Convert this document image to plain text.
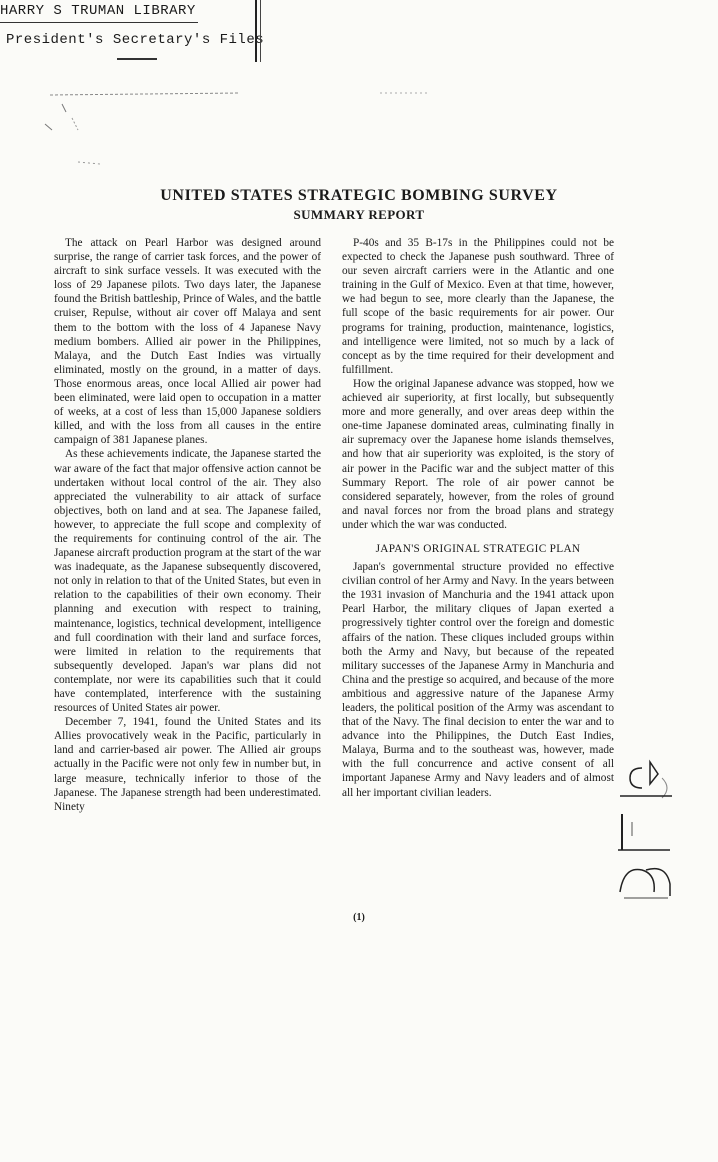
HARRY S TRUMAN LIBRARY
President's Secretary's Files
UNITED STATES STRATEGIC BOMBING SURVEY
SUMMARY REPORT

The attack on Pearl Harbor was designed around surprise, the range of carrier task forces, and the power of aircraft to sink surface vessels. It was executed with the loss of 29 Japanese pilots. Two days later, the Japanese found the British battleship, Prince of Wales, and the battle cruiser, Repulse, without air cover off Malaya and sent them to the bottom with the loss of 4 Japanese Navy medium bombers. Allied air power in the Philippines, Malaya, and the Dutch East Indies was virtually eliminated, mostly on the ground, in a matter of days. Those enormous areas, once local Allied air power had been eliminated, were laid open to occupation in a matter of weeks, at a cost of less than 15,000 Japanese soldiers killed, and with the loss from all causes in the entire campaign of 381 Japanese planes.

As these achievements indicate, the Japanese started the war aware of the fact that major offensive action cannot be undertaken without local control of the air. They also appreciated the vulnerability to air attack of surface objectives, both on land and at sea. The Japanese failed, however, to appreciate the full scope and complexity of the requirements for continuing control of the air. The Japanese aircraft production program at the start of the war was inadequate, as the Japanese subsequently discovered, not only in relation to that of the United States, but even in relation to the capabilities of their own economy. Their planning and execution with respect to training, maintenance, logistics, technical development, intelligence and full coordination with their land and surface forces, were limited in relation to the requirements that subsequently developed. Japan's war plans did not contemplate, nor were its capabilities such that it could have contemplated, interference with the sustaining resources of United States air power.

December 7, 1941, found the United States and its Allies provocatively weak in the Pacific, particularly in land and carrier-based air power. The Allied air groups actually in the Pacific were not only few in number but, in large measure, technically inferior to those of the Japanese. The Japanese strength had been underestimated. Ninety

P-40s and 35 B-17s in the Philippines could not be expected to check the Japanese push southward. Three of our seven aircraft carriers were in the Atlantic and one training in the Gulf of Mexico. Even at that time, however, we had begun to see, more clearly than the Japanese, the full scope of the basic requirements for air power. Our programs for training, production, maintenance, logistics, and intelligence were limited, not so much by a lack of concept as by the time required for their development and fulfillment.

How the original Japanese advance was stopped, how we achieved air superiority, at first locally, but subsequently more and more generally, and over areas deep within the one-time Japanese dominated areas, culminating finally in air supremacy over the Japanese home islands themselves, and how that air superiority was exploited, is the story of air power in the Pacific war and the subject matter of this Summary Report. The role of air power cannot be considered separately, however, from the roles of ground and naval forces nor from the broad plans and strategy under which the war was conducted.

JAPAN'S ORIGINAL STRATEGIC PLAN

Japan's governmental structure provided no effective civilian control of her Army and Navy. In the years between the 1931 invasion of Manchuria and the 1941 attack upon Pearl Harbor, the military cliques of Japan exerted a progressively tighter control over the foreign and domestic affairs of the nation. These cliques included groups within both the Army and Navy, but because of the repeated military successes of the Japanese Army in Manchuria and China and the prestige so acquired, and because of the more ambitious and aggressive nature of the Japanese Army leaders, the political position of the Army was ascendant to that of the Navy. The final decision to enter the war and to advance into the Philippines, the Dutch East Indies, Malaya, Burma and to the southeast was, however, made with the full concurrence and active consent of all important Japanese Army and Navy leaders and of almost all her important civilian leaders.

(1)
